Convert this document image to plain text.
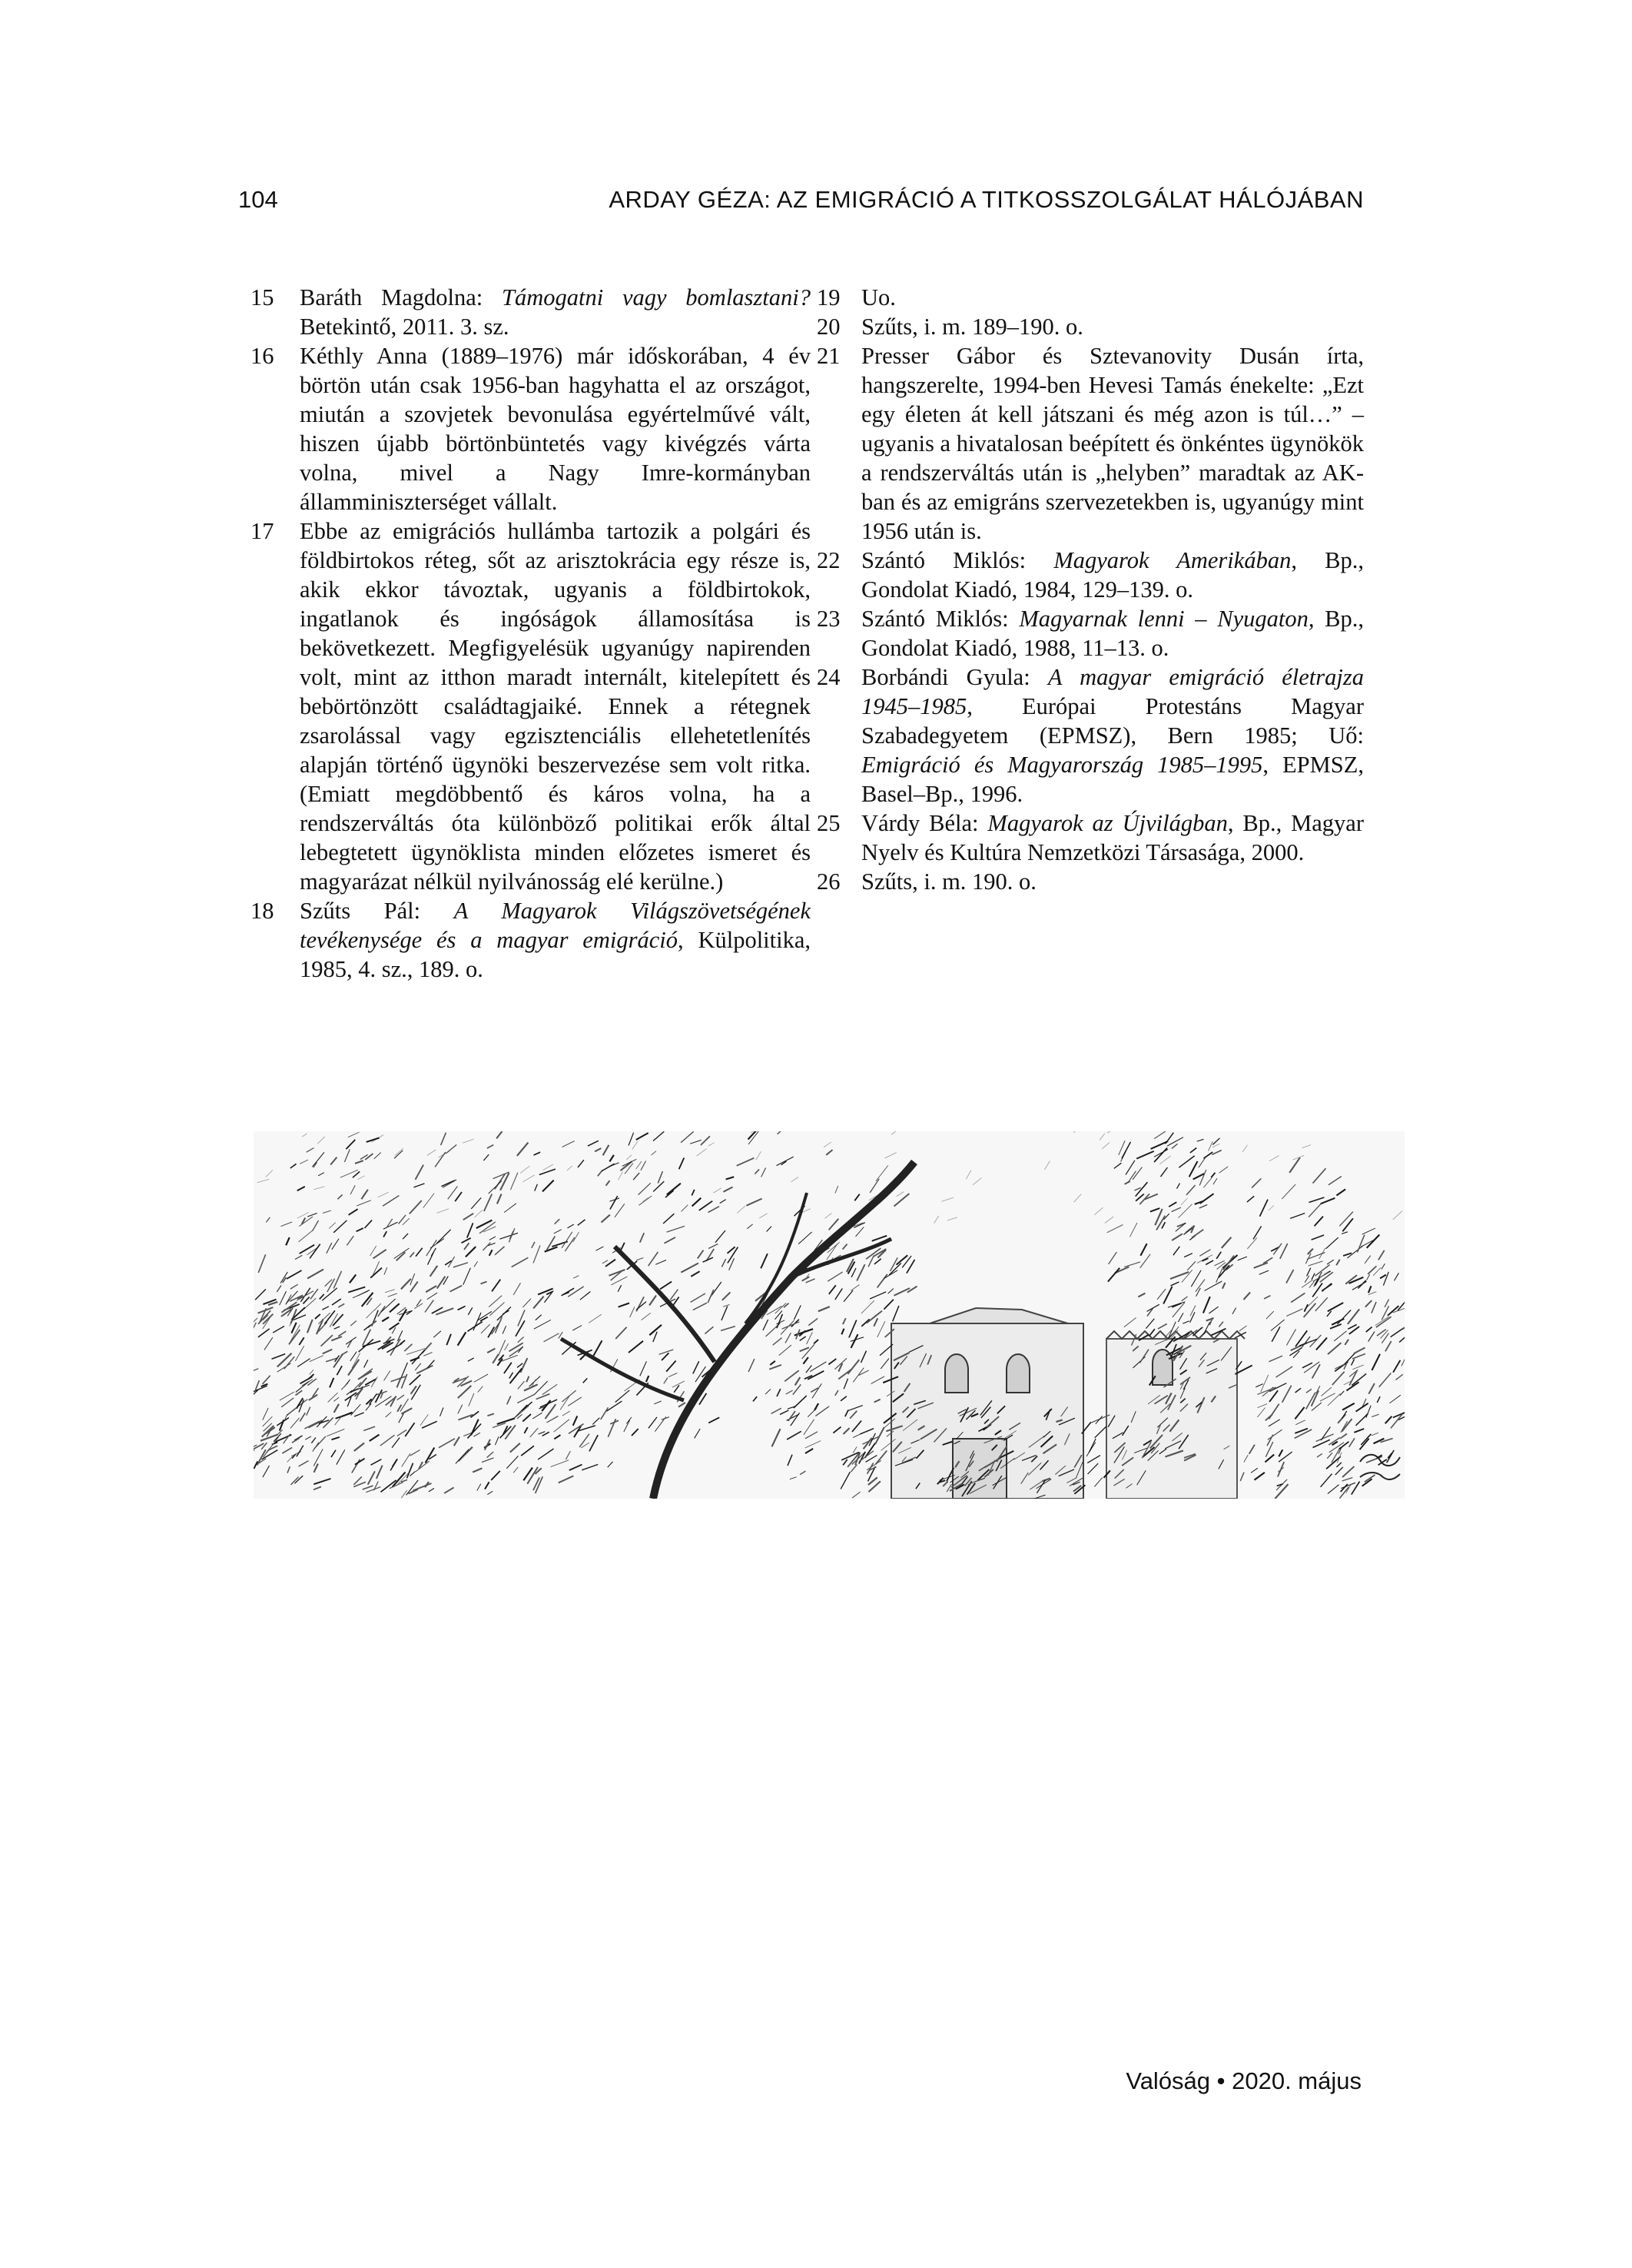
104	ARDAY GÉZA: AZ EMIGRÁCIÓ A TITKOSSZOLGÁLAT HÁLÓJÁBAN
15 Baráth Magdolna: Támogatni vagy bomlasztani? Betekintő, 2011. 3. sz.
16 Kéthly Anna (1889–1976) már időskorában, 4 év börtön után csak 1956-ban hagyhatta el az országot, miután a szovjetek bevonulása egyértelművé vált, hiszen újabb börtönbüntetés vagy kivégzés várta volna, mivel a Nagy Imre-kormányban államminiszterséget vállalt.
17 Ebbe az emigrációs hullámba tartozik a polgári és földbirtokos réteg, sőt az arisztokrácia egy része is, akik ekkor távoztak, ugyanis a földbirtokok, ingatlanok és ingóságok államosítása is bekövetkezett. Megfigyelésük ugyanúgy napirenden volt, mint az itthon maradt internált, kitelepített és bebörtönzött családtagjaiké. Ennek a rétegnek zsarolással vagy egzisztenciális ellehetetlenítés alapján történő ügynöki beszervezése sem volt ritka. (Emiatt megdöbbentő és káros volna, ha a rendszerváltás óta különböző politikai erők által lebegtetett ügynöklista minden előzetes ismeret és magyarázat nélkül nyilvánosság elé kerülne.)
18 Szűts Pál: A Magyarok Világszövetségének tevékenysége és a magyar emigráció, Külpolitika, 1985, 4. sz., 189. o.
19 Uo.
20 Szűts, i. m. 189–190. o.
21 Presser Gábor és Sztevanovity Dusán írta, hangszerelte, 1994-ben Hevesi Tamás énekelte: „Ezt egy életen át kell játszani és még azon is túl…” – ugyanis a hivatalosan beépített és önkéntes ügynökök a rendszerváltás után is „helyben” maradtak az AK-ban és az emigráns szervezetekben is, ugyanúgy mint 1956 után is.
22 Szántó Miklós: Magyarok Amerikában, Bp., Gondolat Kiadó, 1984, 129–139. o.
23 Szántó Miklós: Magyarnak lenni – Nyugaton, Bp., Gondolat Kiadó, 1988, 11–13. o.
24 Borbándi Gyula: A magyar emigráció életrajza 1945–1985, Európai Protestáns Magyar Szabadegyetem (EPMSZ), Bern 1985; Uő: Emigráció és Magyarország 1985–1995, EPMSZ, Basel–Bp., 1996.
25 Várdy Béla: Magyarok az Újvilágban, Bp., Magyar Nyelv és Kultúra Nemzetközi Társasága, 2000.
26 Szűts, i. m. 190. o.
Valóság • 2020. május
